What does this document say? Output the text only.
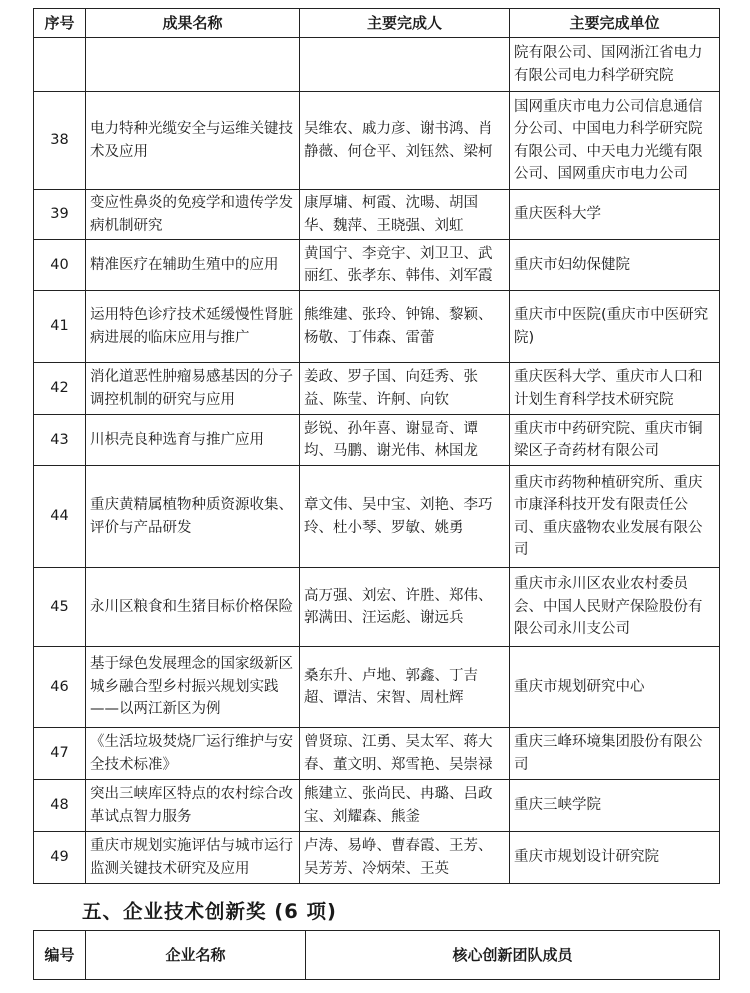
序号	成果名称	主要完成人	主要完成单位
			院有限公司、国网浙江省电力有限公司电力科学研究院
38	电力特种光缆安全与运维关键技术及应用	吴维农、戚力彦、谢书鸿、肖静薇、何仓平、刘钰然、梁柯	国网重庆市电力公司信息通信分公司、中国电力科学研究院有限公司、中天电力光缆有限公司、国网重庆市电力公司
39	变应性鼻炎的免疫学和遗传学发病机制研究	康厚墉、柯霞、沈暘、胡国华、魏萍、王晓强、刘虹	重庆医科大学
40	精准医疗在辅助生殖中的应用	黄国宁、李竞宇、刘卫卫、武丽红、张孝东、韩伟、刘军霞	重庆市妇幼保健院
41	运用特色诊疗技术延缓慢性肾脏病进展的临床应用与推广	熊维建、张玲、钟锦、黎颖、杨敬、丁伟森、雷蕾	重庆市中医院(重庆市中医研究院)
42	消化道恶性肿瘤易感基因的分子调控机制的研究与应用	姜政、罗子国、向廷秀、张益、陈莹、许舸、向钦	重庆医科大学、重庆市人口和计划生育科学技术研究院
43	川枳壳良种选育与推广应用	彭锐、孙年喜、谢显奇、谭均、马鹏、谢光伟、林国龙	重庆市中药研究院、重庆市铜梁区子奇药材有限公司
44	重庆黄精属植物种质资源收集、评价与产品研发	章文伟、吴中宝、刘艳、李巧玲、杜小琴、罗敏、姚勇	重庆市药物种植研究所、重庆市康泽科技开发有限责任公司、重庆盛物农业发展有限公司
45	永川区粮食和生猪目标价格保险	高万强、刘宏、许胜、郑伟、郭满田、汪运彪、谢远兵	重庆市永川区农业农村委员会、中国人民财产保险股份有限公司永川支公司
46	基于绿色发展理念的国家级新区城乡融合型乡村振兴规划实践——以两江新区为例	桑东升、卢地、郭鑫、丁吉超、谭洁、宋智、周杜辉	重庆市规划研究中心
47	《生活垃圾焚烧厂运行维护与安全技术标准》	曾贤琼、江勇、吴太军、蒋大春、董文明、郑雪艳、吴崇禄	重庆三峰环境集团股份有限公司
48	突出三峡库区特点的农村综合改革试点智力服务	熊建立、张尚民、冉璐、吕政宝、刘耀森、熊釜	重庆三峡学院
49	重庆市规划实施评估与城市运行监测关键技术研究及应用	卢涛、易峥、曹春霞、王芳、吴芳芳、冷炳荣、王英	重庆市规划设计研究院
五、企业技术创新奖 (6 项)
编号	企业名称	核心创新团队成员
